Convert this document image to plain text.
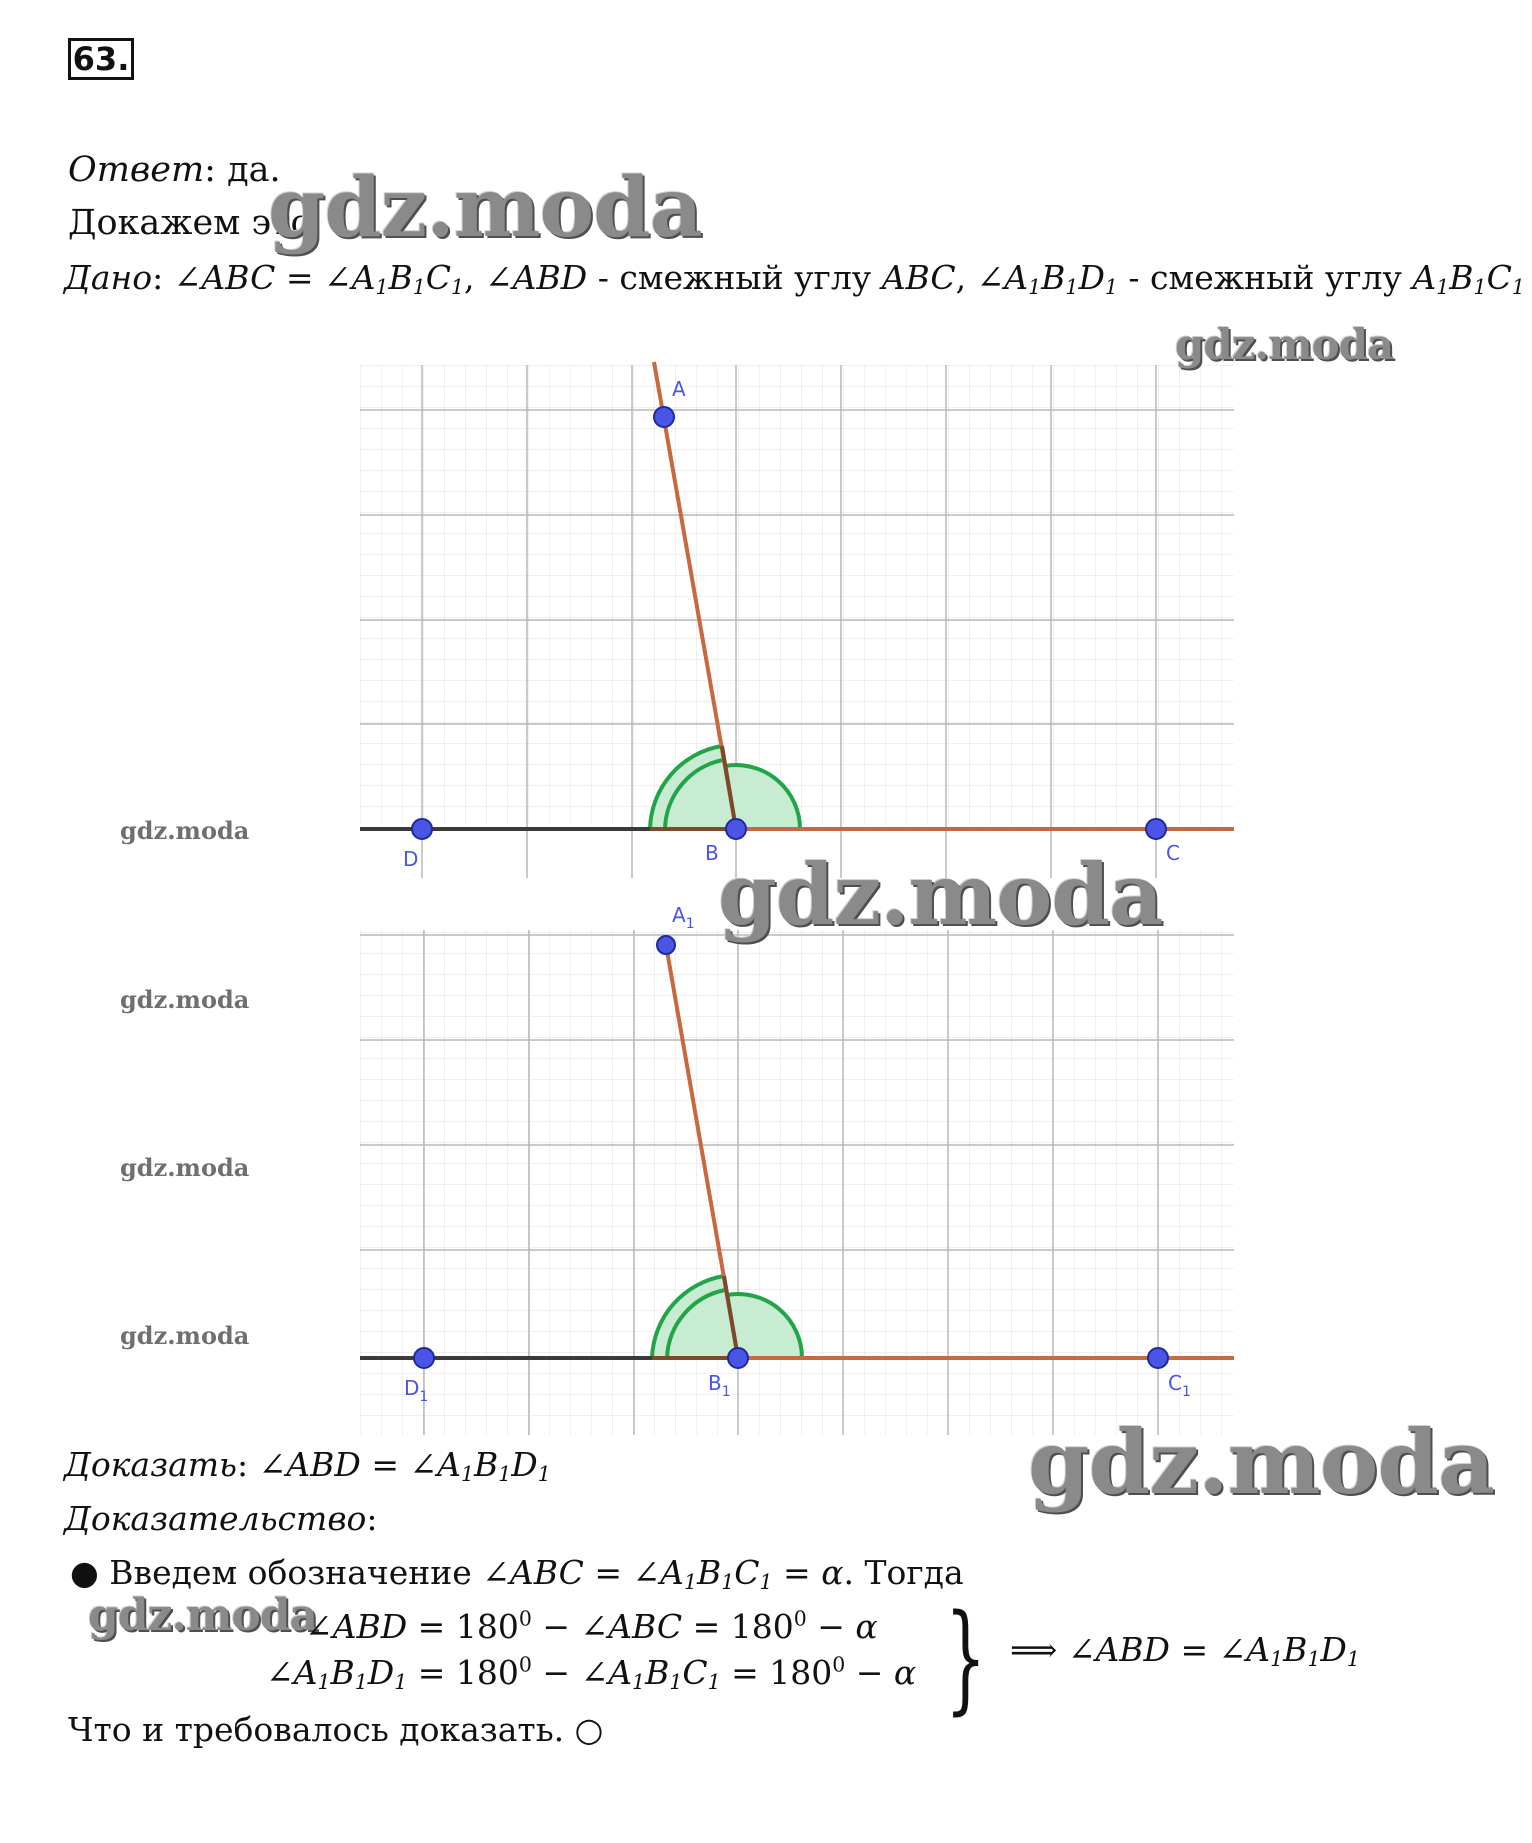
63.
Ответ: да.
Докажем это
Дано: ∠ABC = $\angle A_1B_1C_1$, ∠ABD - смежный углу ABC, $\angle A_1B_1D_1$ - смежный углу $A_1B_1C_1$
A
D	B	C
$A_1$
$D_1$
$B_1$	$C_1$
gdz.moda
gdz.moda
gdz.moda
gdz.moda
gdz.moda
gdz.moda
gdz.moda
gdz.moda
gdz.moda
Доказать: ∠ABD = $\angle A_1B_1D_1$
Доказательство:
● Введем обозначение ∠ABC = $\angle A_1B_1C_1 = \alpha$. Тогда
∠ABD = $180^0$ − ∠ABC = $180^0 - \alpha$
$\angle A_1B_1D_1 = 180^0$ − $\angle A_1B_1C_1 = 180^0 - \alpha$ } ⟹ ∠ABD = $\angle A_1B_1D_1$
Что и требовалось доказать. ○
